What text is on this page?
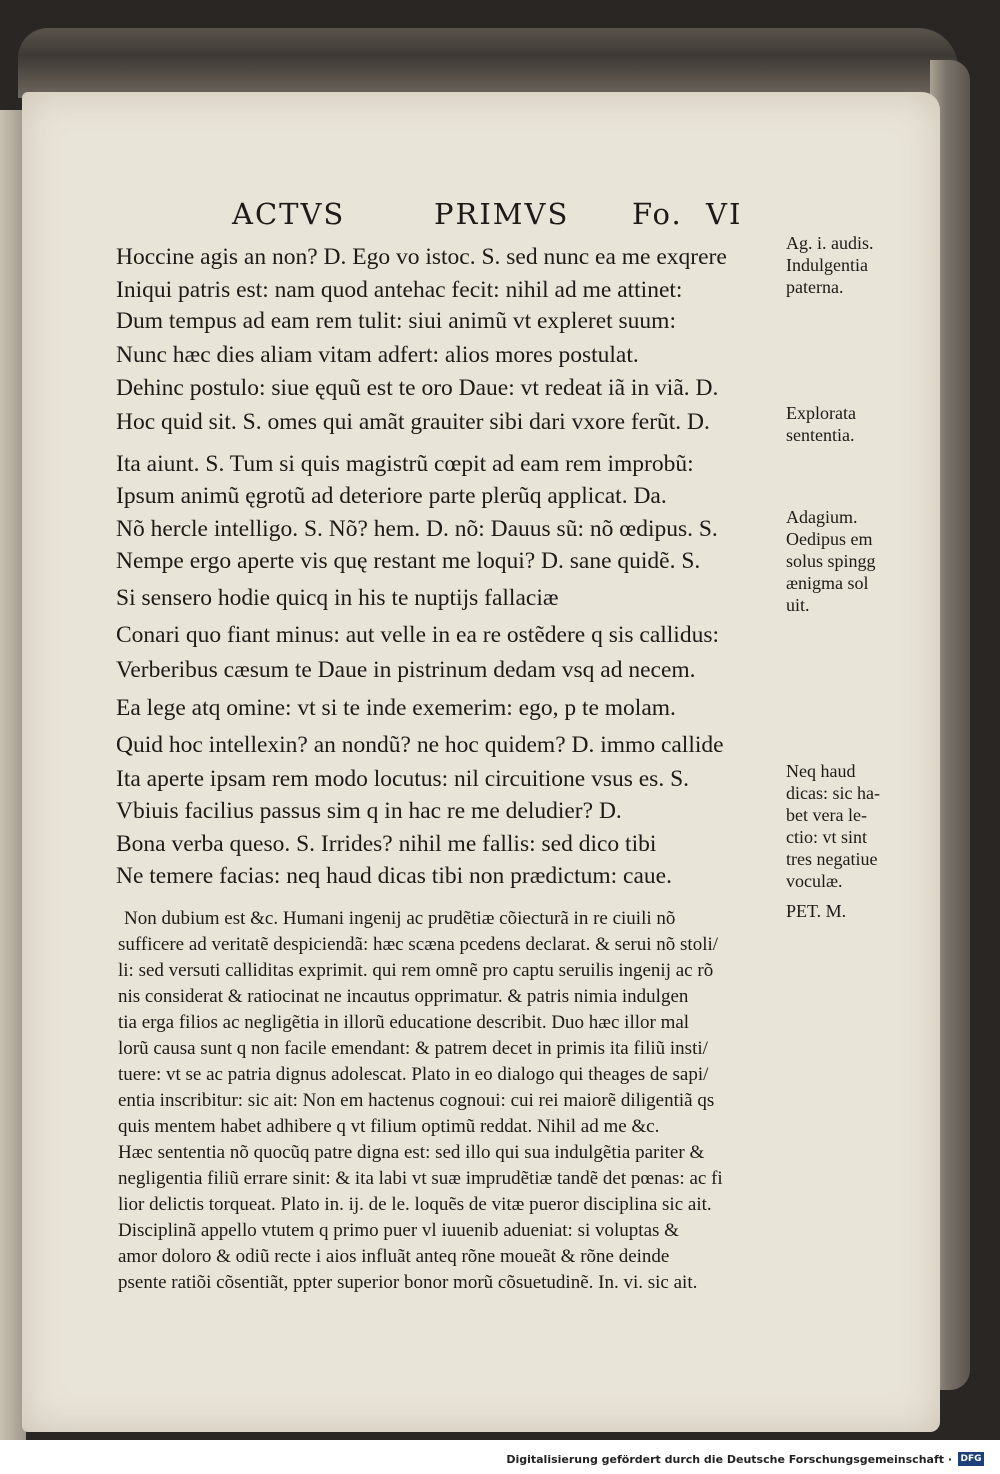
ACTVS	PRIMVS Fo. VI
Hoccine agis an non? D. Ego vo istoc. S. sed nunc ea me exqrere
Iniqui patris est: nam quod antehac fecit: nihil ad me attinet:
Dum tempus ad eam rem tulit: siui animũ vt expleret suum:
Nunc hæc dies aliam vitam adfert: alios mores postulat.
Dehinc postulo: siue ęquũ est te oro Daue: vt redeat iã in viã. D.
Hoc quid sit. S. omes qui amãt grauiter sibi dari vxore ferũt. D.
Ita aiunt. S. Tum si quis magistrũ cœpit ad eam rem improbũ:
Ipsum animũ ęgrotũ ad deteriore parte plerũq applicat. Da.
Nõ hercle intelligo. S. Nõ? hem. D. nõ: Dauus sũ: nõ œdipus. S.
Nempe ergo aperte vis quę restant me loqui? D. sane quidẽ. S.
Si sensero hodie quicq in his te nuptijs fallaciæ
Conari quo fiant minus: aut velle in ea re ostẽdere q sis callidus:
Verberibus cæsum te Daue in pistrinum dedam vsq ad necem.
Ea lege atq omine: vt si te inde exemerim: ego, p te molam.
Quid hoc intellexin? an nondũ? ne hoc quidem? D. immo callide
Ita aperte ipsam rem modo locutus: nil circuitione vsus es. S.
Vbiuis facilius passus sim q in hac re me deludier? D.
Bona verba queso. S. Irrides? nihil me fallis: sed dico tibi
Ne temere facias: neq haud dicas tibi non prædictum: caue.
Non dubium est &c. Humani ingenij ac prudẽtiæ cõiecturã in re ciuili nõ
sufficere ad veritatẽ despiciendã: hæc scæna pcedens declarat. & serui nõ stoli/
li: sed versuti calliditas exprimit. qui rem omnẽ pro captu seruilis ingenij ac rõ
nis considerat & ratiocinat ne incautus opprimatur. & patris nimia indulgen
tia erga filios ac negligẽtia in illorũ educatione describit. Duo hæc illor mal
lorũ causa sunt q non facile emendant: & patrem decet in primis ita filiũ insti/
tuere: vt se ac patria dignus adolescat. Plato in eo dialogo qui theages de sapi/
entia inscribitur: sic ait: Non em hactenus cognoui: cui rei maiorẽ diligentiã qs
quis mentem habet adhibere q vt filium optimũ reddat. Nihil ad me &c.
Hæc sententia nõ quocũq patre digna est: sed illo qui sua indulgẽtia pariter &
negligentia filiũ errare sinit: & ita labi vt suæ imprudẽtiæ tandẽ det pœnas: ac fi
lior delictis torqueat. Plato in. ij. de le. loquẽs de vitæ pueror disciplina sic ait.
Disciplinã appello vtutem q primo puer vl iuuenib adueniat: si voluptas &
amor doloro & odiũ recte i aios influãt anteq rõne moueãt & rõne deinde
psente ratiõi cõsentiãt, ppter superior bonor morũ cõsuetudinẽ. In. vi. sic ait.
Ag. i. audis.
Indulgentia
paterna.
Explorata
sententia.
Adagium.
Oedipus em
solus spingg
ænigma sol
uit.
Neq haud
dicas: sic ha-
bet vera le-
ctio: vt sint
tres negatiue
voculæ.
PET. M.
Digitalisierung gefördert durch die Deutsche Forschungsgemeinschaft · DFG
